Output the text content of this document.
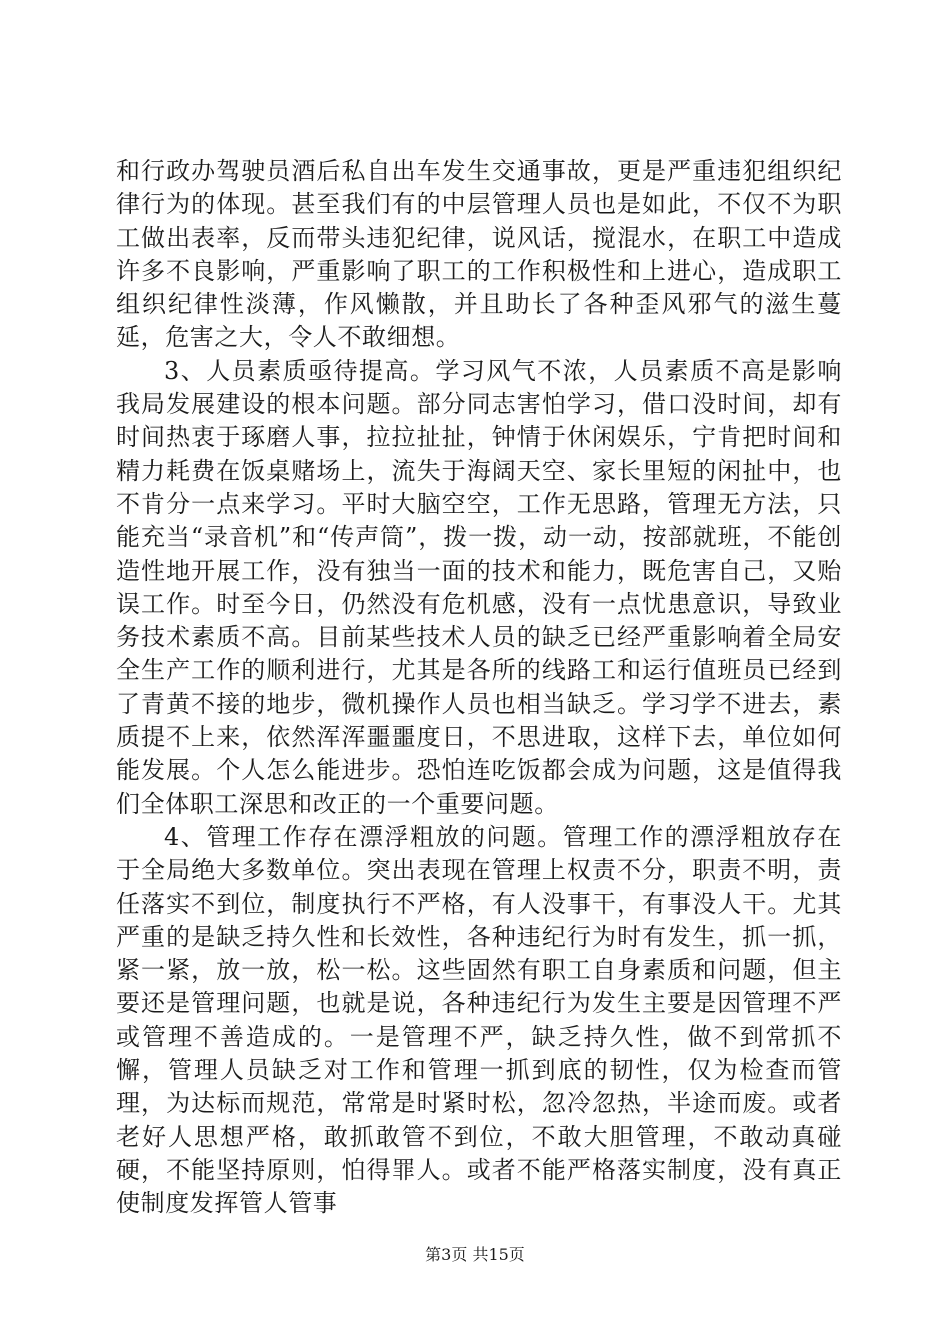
和行政办驾驶员酒后私自出车发生交通事故，更是严重违犯组织纪律行为的体现。甚至我们有的中层管理人员也是如此，不仅不为职工做出表率，反而带头违犯纪律，说风话，搅混水，在职工中造成许多不良影响，严重影响了职工的工作积极性和上进心，造成职工组织纪律性淡薄，作风懒散，并且助长了各种歪风邪气的滋生蔓延，危害之大，令人不敢细想。

3、人员素质亟待提高。学习风气不浓，人员素质不高是影响我局发展建设的根本问题。部分同志害怕学习，借口没时间，却有时间热衷于琢磨人事，拉拉扯扯，钟情于休闲娱乐，宁肯把时间和精力耗费在饭桌赌场上，流失于海阔天空、家长里短的闲扯中，也不肯分一点来学习。平时大脑空空，工作无思路，管理无方法，只能充当“录音机”和“传声筒”，拨一拨，动一动，按部就班，不能创造性地开展工作，没有独当一面的技术和能力，既危害自己，又贻误工作。时至今日，仍然没有危机感，没有一点忧患意识，导致业务技术素质不高。目前某些技术人员的缺乏已经严重影响着全局安全生产工作的顺利进行，尤其是各所的线路工和运行值班员已经到了青黄不接的地步，微机操作人员也相当缺乏。学习学不进去，素质提不上来，依然浑浑噩噩度日，不思进取，这样下去，单位如何能发展。个人怎么能进步。恐怕连吃饭都会成为问题，这是值得我们全体职工深思和改正的一个重要问题。

4、管理工作存在漂浮粗放的问题。管理工作的漂浮粗放存在于全局绝大多数单位。突出表现在管理上权责不分，职责不明，责任落实不到位，制度执行不严格，有人没事干，有事没人干。尤其严重的是缺乏持久性和长效性，各种违纪行为时有发生，抓一抓，紧一紧，放一放，松一松。这些固然有职工自身素质和问题，但主要还是管理问题，也就是说，各种违纪行为发生主要是因管理不严或管理不善造成的。一是管理不严，缺乏持久性，做不到常抓不懈，管理人员缺乏对工作和管理一抓到底的韧性，仅为检查而管理，为达标而规范，常常是时紧时松，忽冷忽热，半途而废。或者老好人思想严格，敢抓敢管不到位，不敢大胆管理，不敢动真碰硬，不能坚持原则，怕得罪人。或者不能严格落实制度，没有真正使制度发挥管人管事

第3页 共15页
